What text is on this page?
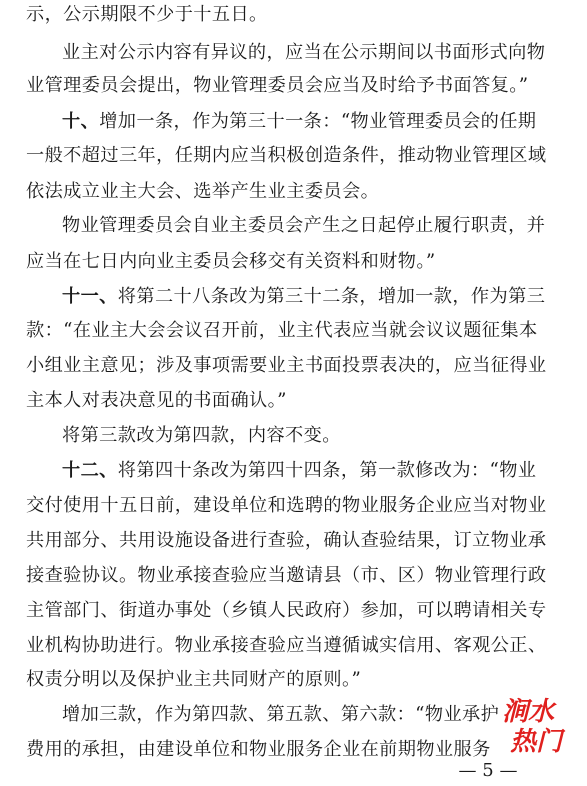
示，公示期限不少于十五日。
业主对公示内容有异议的，应当在公示期间以书面形式向物
业管理委员会提出，物业管理委员会应当及时给予书面答复。”
十、增加一条，作为第三十一条：“物业管理委员会的任期
一般不超过三年，任期内应当积极创造条件，推动物业管理区域
依法成立业主大会、选举产生业主委员会。
物业管理委员会自业主委员会产生之日起停止履行职责，并
应当在七日内向业主委员会移交有关资料和财物。”
十一、将第二十八条改为第三十二条，增加一款，作为第三
款：“在业主大会会议召开前，业主代表应当就会议议题征集本
小组业主意见；涉及事项需要业主书面投票表决的，应当征得业
主本人对表决意见的书面确认。”
将第三款改为第四款，内容不变。
十二、将第四十条改为第四十四条，第一款修改为：“物业
交付使用十五日前，建设单位和选聘的物业服务企业应当对物业
共用部分、共用设施设备进行查验，确认查验结果，订立物业承
接查验协议。物业承接查验应当邀请县（市、区）物业管理行政
主管部门、街道办事处（乡镇人民政府）参加，可以聘请相关专
业机构协助进行。物业承接查验应当遵循诚实信用、客观公正、
权责分明以及保护业主共同财产的原则。”
增加三款，作为第四款、第五款、第六款：“物业承护
费用的承担，由建设单位和物业服务企业在前期物业服务
涧水
热门
— 5 —
